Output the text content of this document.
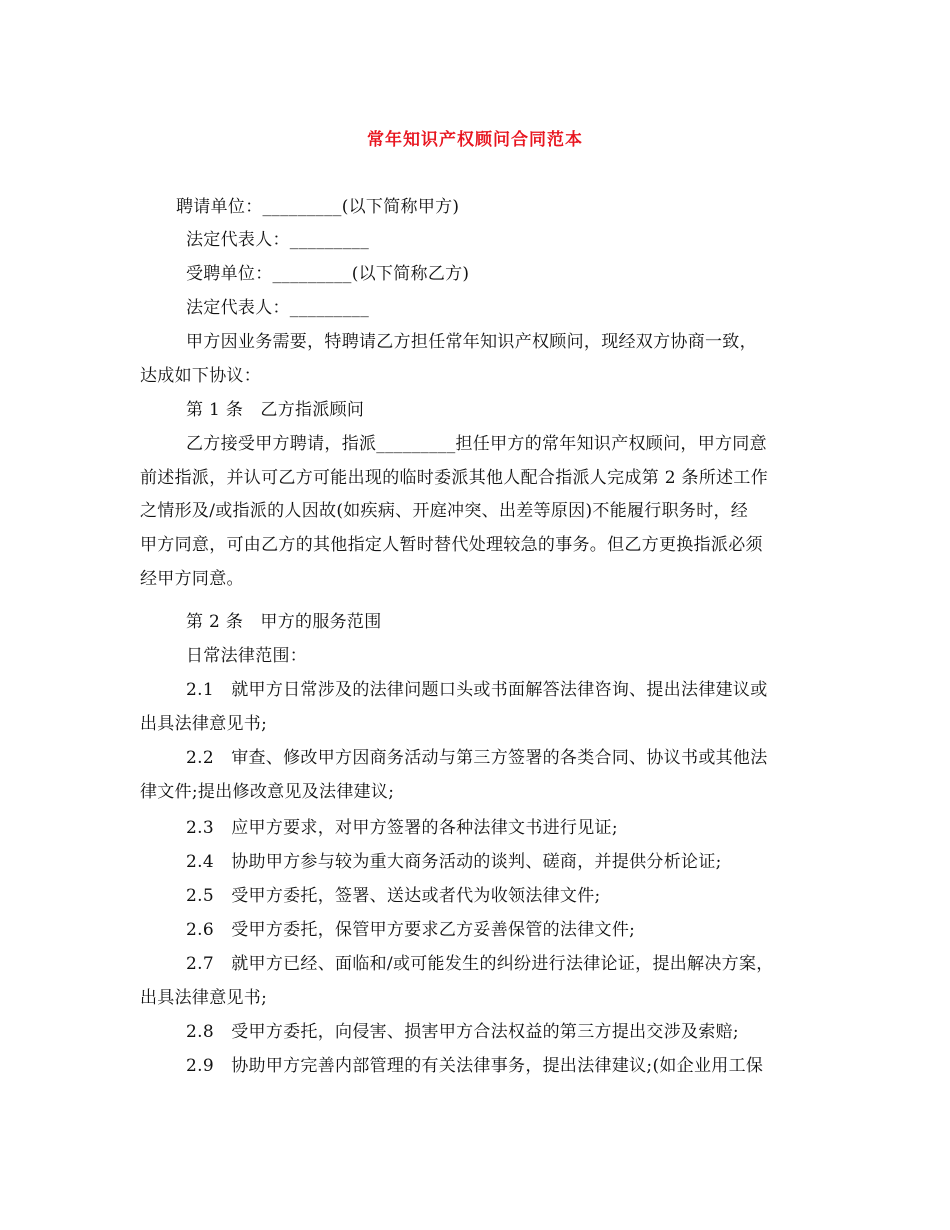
常年知识产权顾问合同范本
聘请单位：_________(以下简称甲方)
法定代表人：_________
受聘单位：_________(以下简称乙方)
法定代表人：_________
甲方因业务需要，特聘请乙方担任常年知识产权顾问，现经双方协商一致，
达成如下协议：
第 1 条　乙方指派顾问
乙方接受甲方聘请，指派_________担任甲方的常年知识产权顾问，甲方同意
前述指派，并认可乙方可能出现的临时委派其他人配合指派人完成第 2 条所述工作
之情形及/或指派的人因故(如疾病、开庭冲突、出差等原因)不能履行职务时，经
甲方同意，可由乙方的其他指定人暂时替代处理较急的事务。但乙方更换指派必须
经甲方同意。
第 2 条　甲方的服务范围
日常法律范围：
2.1　就甲方日常涉及的法律问题口头或书面解答法律咨询、提出法律建议或
出具法律意见书;
2.2　审查、修改甲方因商务活动与第三方签署的各类合同、协议书或其他法
律文件;提出修改意见及法律建议;
2.3　应甲方要求，对甲方签署的各种法律文书进行见证;
2.4　协助甲方参与较为重大商务活动的谈判、磋商，并提供分析论证;
2.5　受甲方委托，签署、送达或者代为收领法律文件;
2.6　受甲方委托，保管甲方要求乙方妥善保管的法律文件;
2.7　就甲方已经、面临和/或可能发生的纠纷进行法律论证，提出解决方案，
出具法律意见书;
2.8　受甲方委托，向侵害、损害甲方合法权益的第三方提出交涉及索赔;
2.9　协助甲方完善内部管理的有关法律事务，提出法律建议;(如企业用工保
